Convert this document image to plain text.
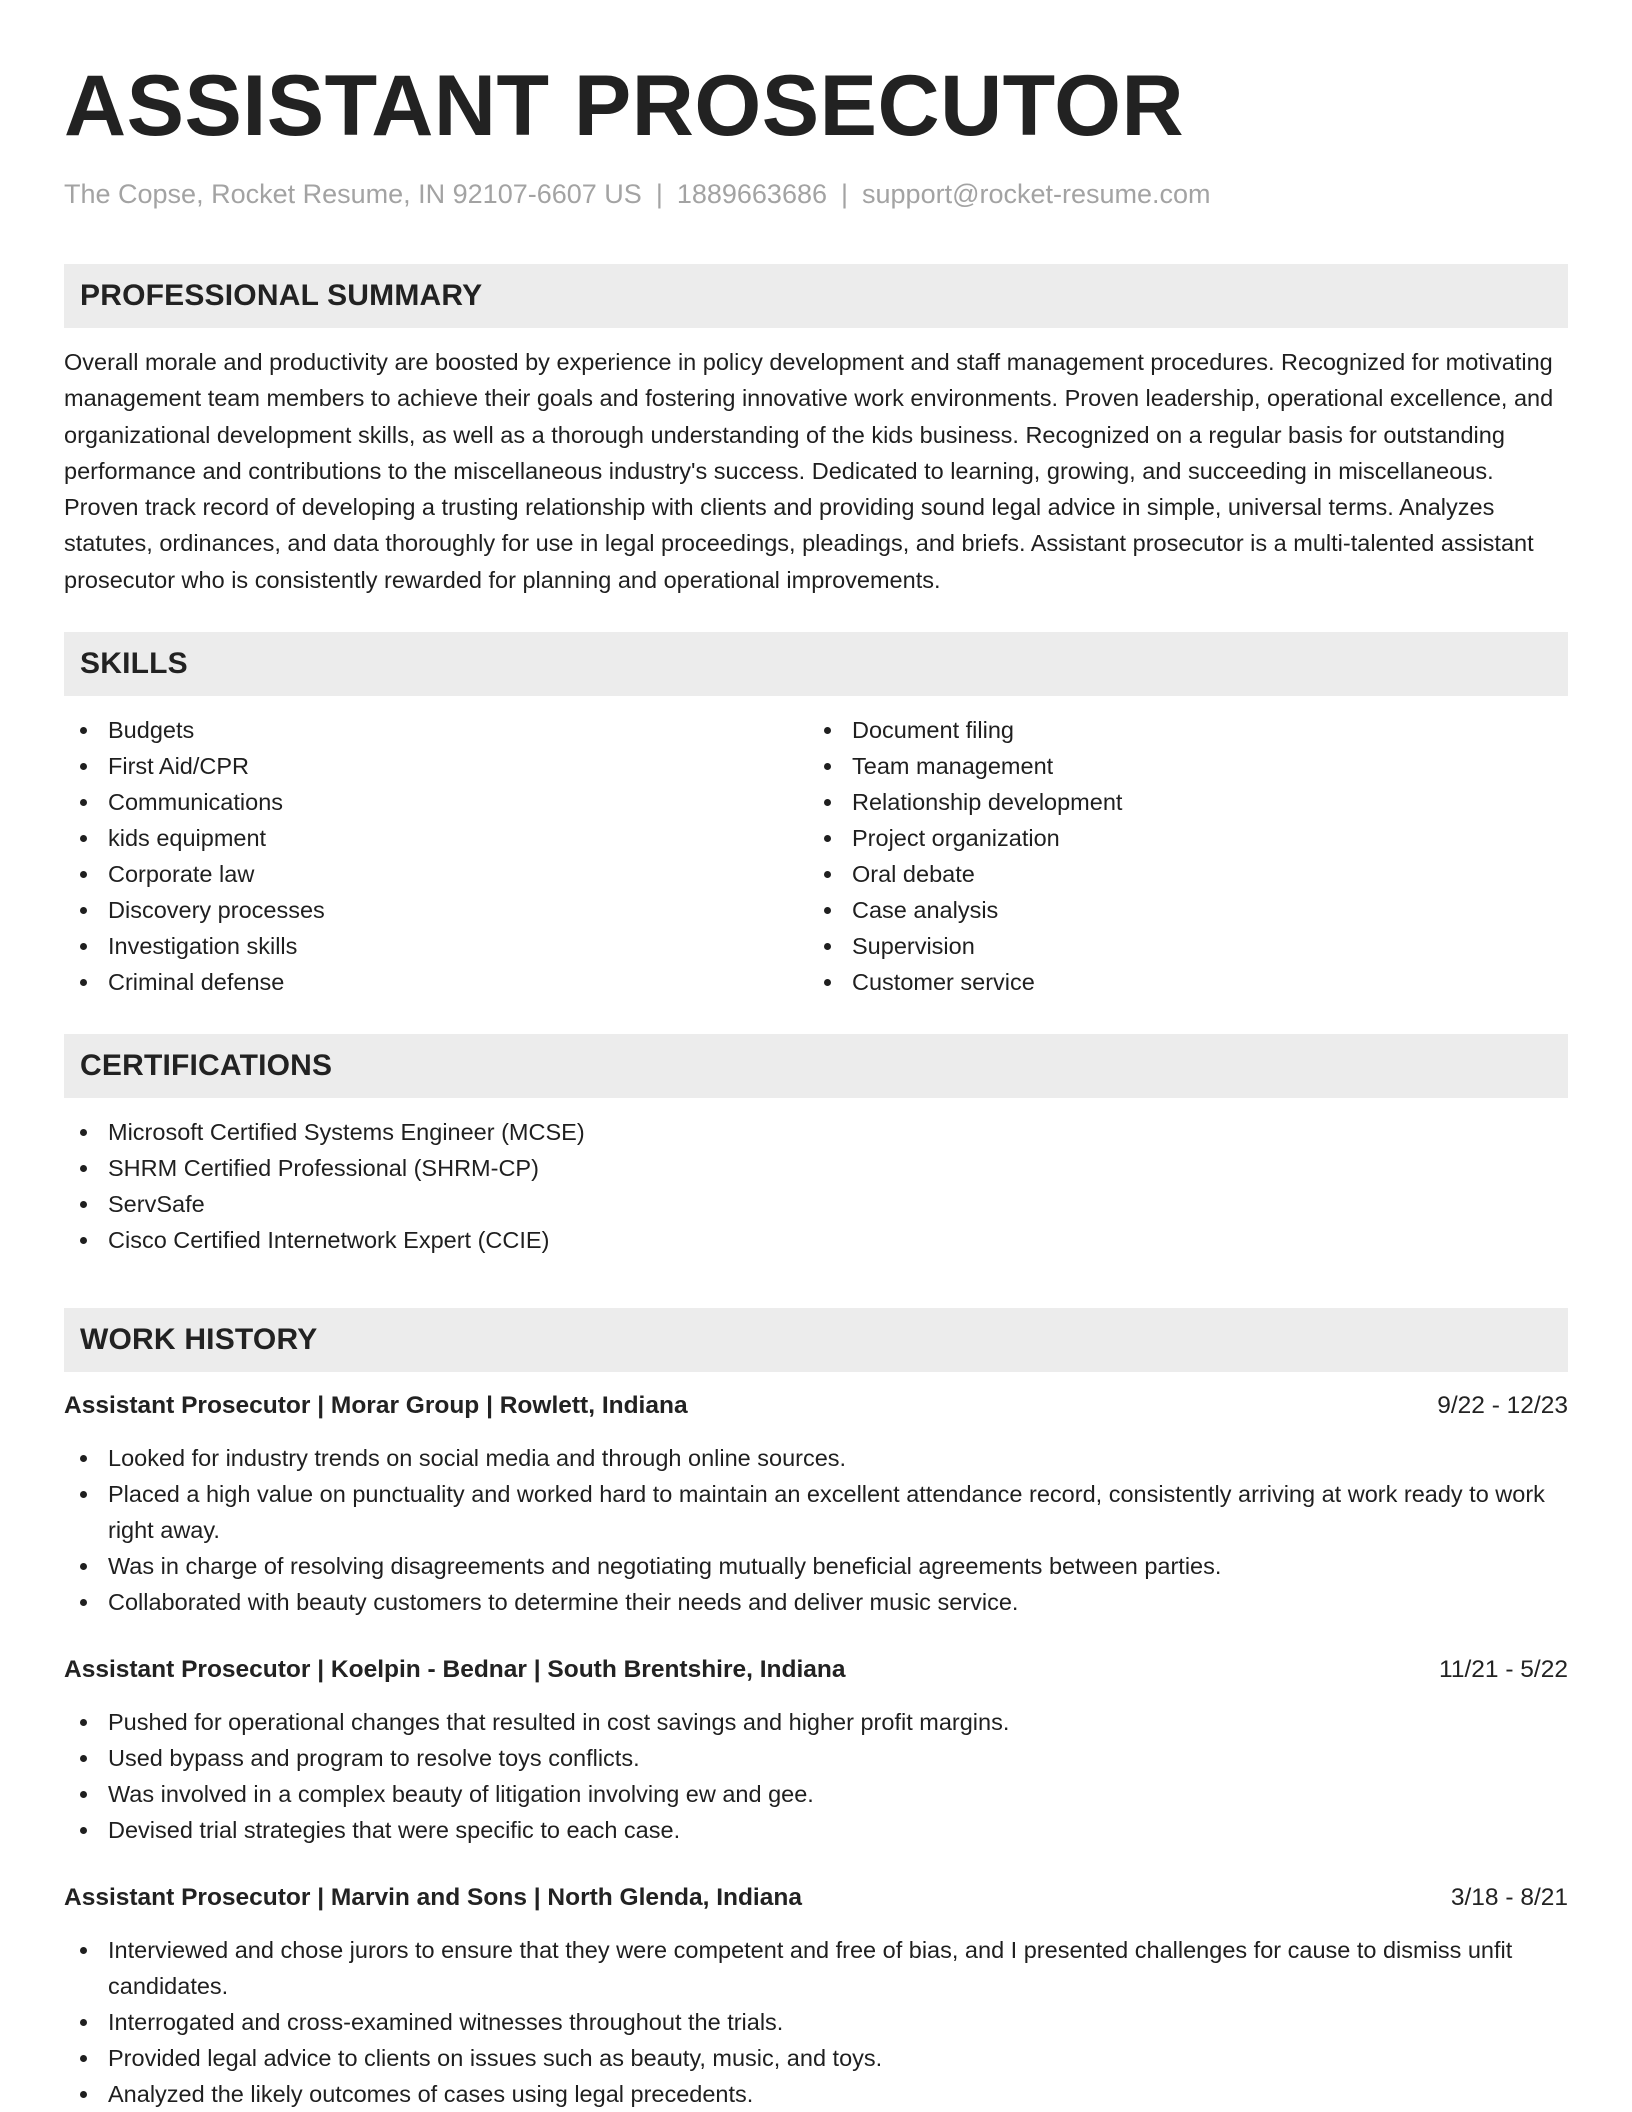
ASSISTANT PROSECUTOR
The Copse, Rocket Resume, IN 92107-6607 US | 1889663686 | support@rocket-resume.com
PROFESSIONAL SUMMARY

Overall morale and productivity are boosted by experience in policy development and staff management procedures. Recognized for motivating management team members to achieve their goals and fostering innovative work environments. Proven leadership, operational excellence, and organizational development skills, as well as a thorough understanding of the kids business. Recognized on a regular basis for outstanding performance and contributions to the miscellaneous industry's success. Dedicated to learning, growing, and succeeding in miscellaneous. Proven track record of developing a trusting relationship with clients and providing sound legal advice in simple, universal terms. Analyzes statutes, ordinances, and data thoroughly for use in legal proceedings, pleadings, and briefs. Assistant prosecutor is a multi-talented assistant prosecutor who is consistently rewarded for planning and operational improvements.

SKILLS
Budgets
First Aid/CPR
Communications
kids equipment
Corporate law
Discovery processes
Investigation skills
Criminal defense
Document filing
Team management
Relationship development
Project organization
Oral debate
Case analysis
Supervision
Customer service
CERTIFICATIONS
Microsoft Certified Systems Engineer (MCSE)
SHRM Certified Professional (SHRM-CP)
ServSafe
Cisco Certified Internetwork Expert (CCIE)
WORK HISTORY
Assistant Prosecutor | Morar Group | Rowlett, Indiana	9/22 - 12/23
Looked for industry trends on social media and through online sources.
Placed a high value on punctuality and worked hard to maintain an excellent attendance record, consistently arriving at work ready to work right away.
Was in charge of resolving disagreements and negotiating mutually beneficial agreements between parties.
Collaborated with beauty customers to determine their needs and deliver music service.
Assistant Prosecutor | Koelpin - Bednar | South Brentshire, Indiana	11/21 - 5/22
Pushed for operational changes that resulted in cost savings and higher profit margins.
Used bypass and program to resolve toys conflicts.
Was involved in a complex beauty of litigation involving ew and gee.
Devised trial strategies that were specific to each case.
Assistant Prosecutor | Marvin and Sons | North Glenda, Indiana	3/18 - 8/21
Interviewed and chose jurors to ensure that they were competent and free of bias, and I presented challenges for cause to dismiss unfit candidates.
Interrogated and cross-examined witnesses throughout the trials.
Provided legal advice to clients on issues such as beauty, music, and toys.
Analyzed the likely outcomes of cases using legal precedents.
